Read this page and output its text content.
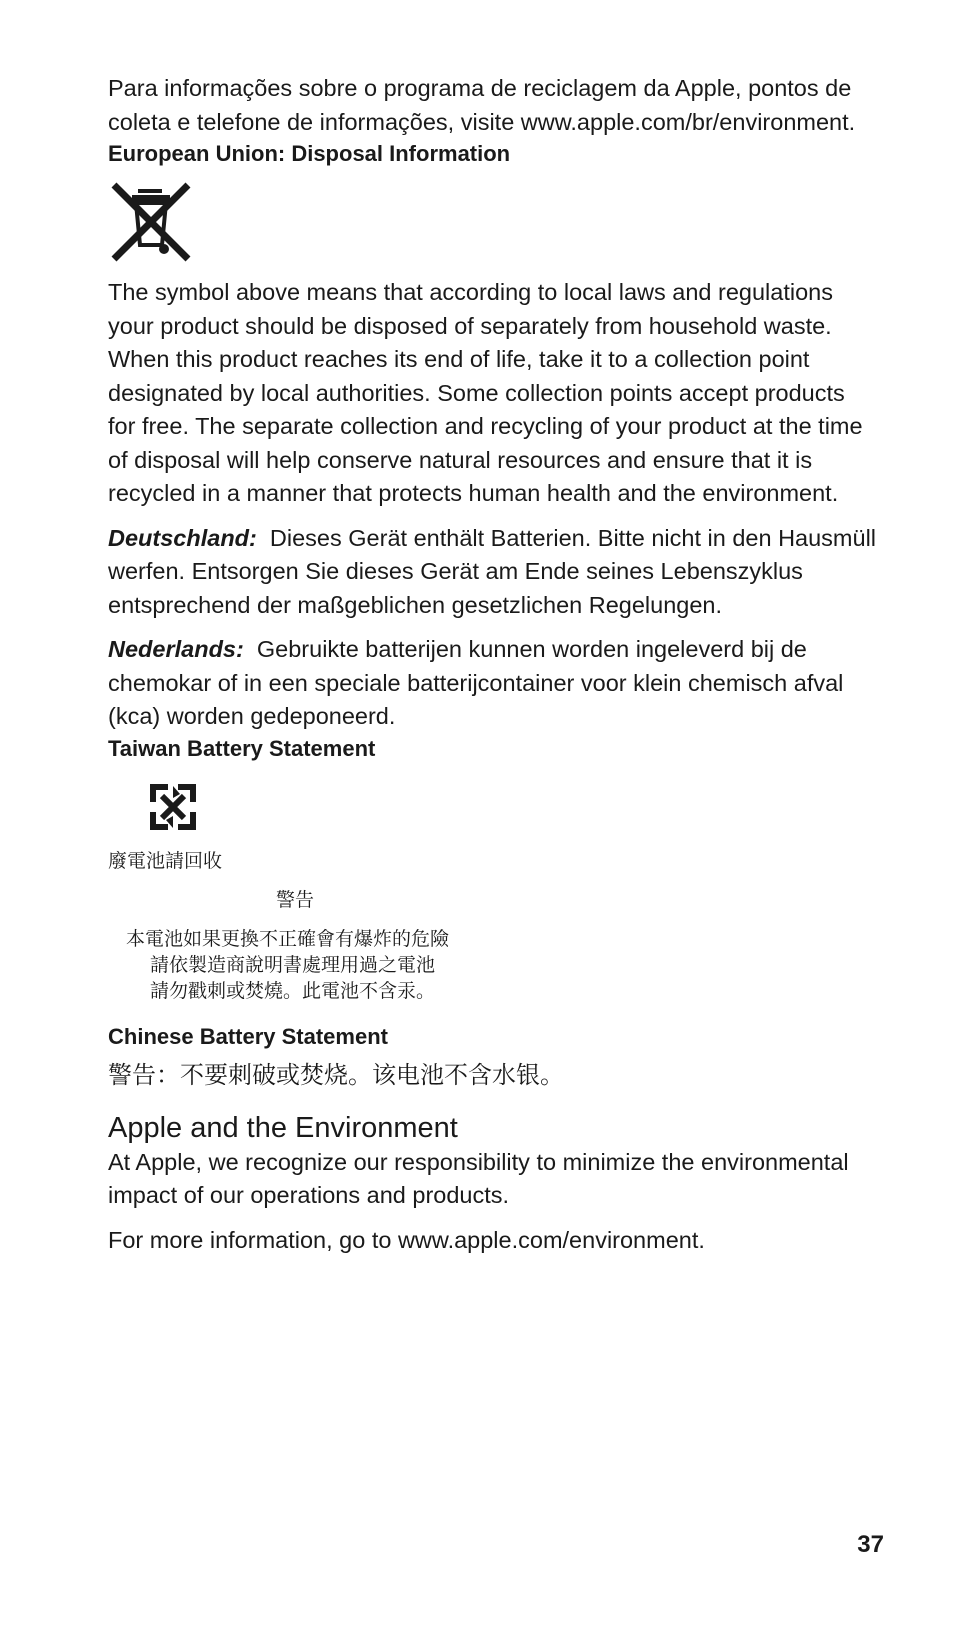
Para informações sobre o programa de reciclagem da Apple, pontos de coleta e telefone de informações, visite www.apple.com/br/environment.

European Union: Disposal Information

The symbol above means that according to local laws and regulations your product should be disposed of separately from household waste. When this product reaches its end of life, take it to a collection point designated by local authorities. Some collection points accept products for free. The separate collection and recycling of your product at the time of disposal will help conserve natural resources and ensure that it is recycled in a manner that protects human health and the environment.

Deutschland: Dieses Gerät enthält Batterien. Bitte nicht in den Hausmüll werfen. Entsorgen Sie dieses Gerät am Ende seines Lebenszyklus entsprechend der maßgeblichen gesetzlichen Regelungen.

Nederlands: Gebruikte batterijen kunnen worden ingeleverd bij de chemokar of in een speciale batterijcontainer voor klein chemisch afval (kca) worden gedeponeerd.

Taiwan Battery Statement
廢電池請回收
警告
本電池如果更換不正確會有爆炸的危險
請依製造商說明書處理用過之電池
請勿戳刺或焚燒。此電池不含汞。
Chinese Battery Statement
警告：不要刺破或焚烧。该电池不含水银。
Apple and the Environment

At Apple, we recognize our responsibility to minimize the environmental impact of our operations and products.

For more information, go to www.apple.com/environment.

37
